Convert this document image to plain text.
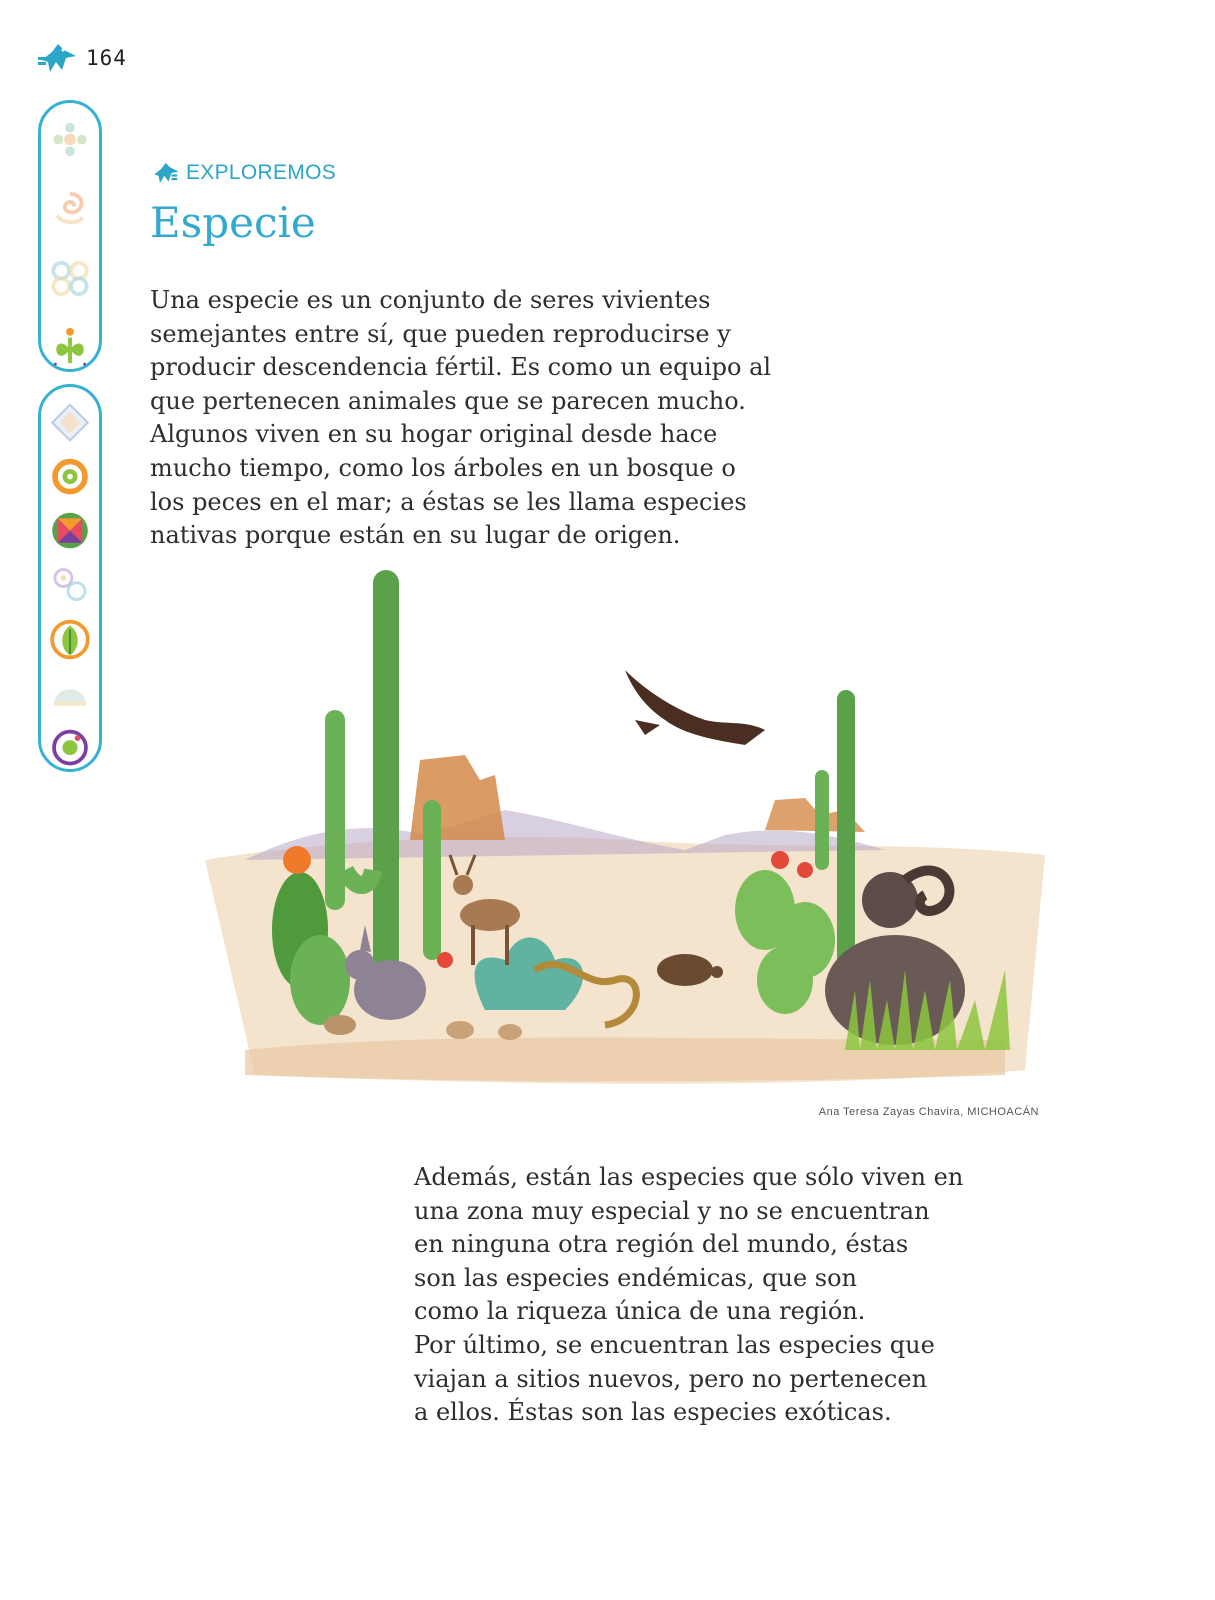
164
EXPLOREMOS
Especie

Una especie es un conjunto de seres vivientes
semejantes entre sí, que pueden reproducirse y
producir descendencia fértil. Es como un equipo al
que pertenecen animales que se parecen mucho.
Algunos viven en su hogar original desde hace
mucho tiempo, como los árboles en un bosque o
los peces en el mar; a éstas se les llama especies
nativas porque están en su lugar de origen.

Ana Teresa Zayas Chavira, MICHOACÁN

Además, están las especies que sólo viven en
una zona muy especial y no se encuentran
en ninguna otra región del mundo, éstas
son las especies endémicas, que son
como la riqueza única de una región.
Por último, se encuentran las especies que
viajan a sitios nuevos, pero no pertenecen
a ellos. Éstas son las especies exóticas.
